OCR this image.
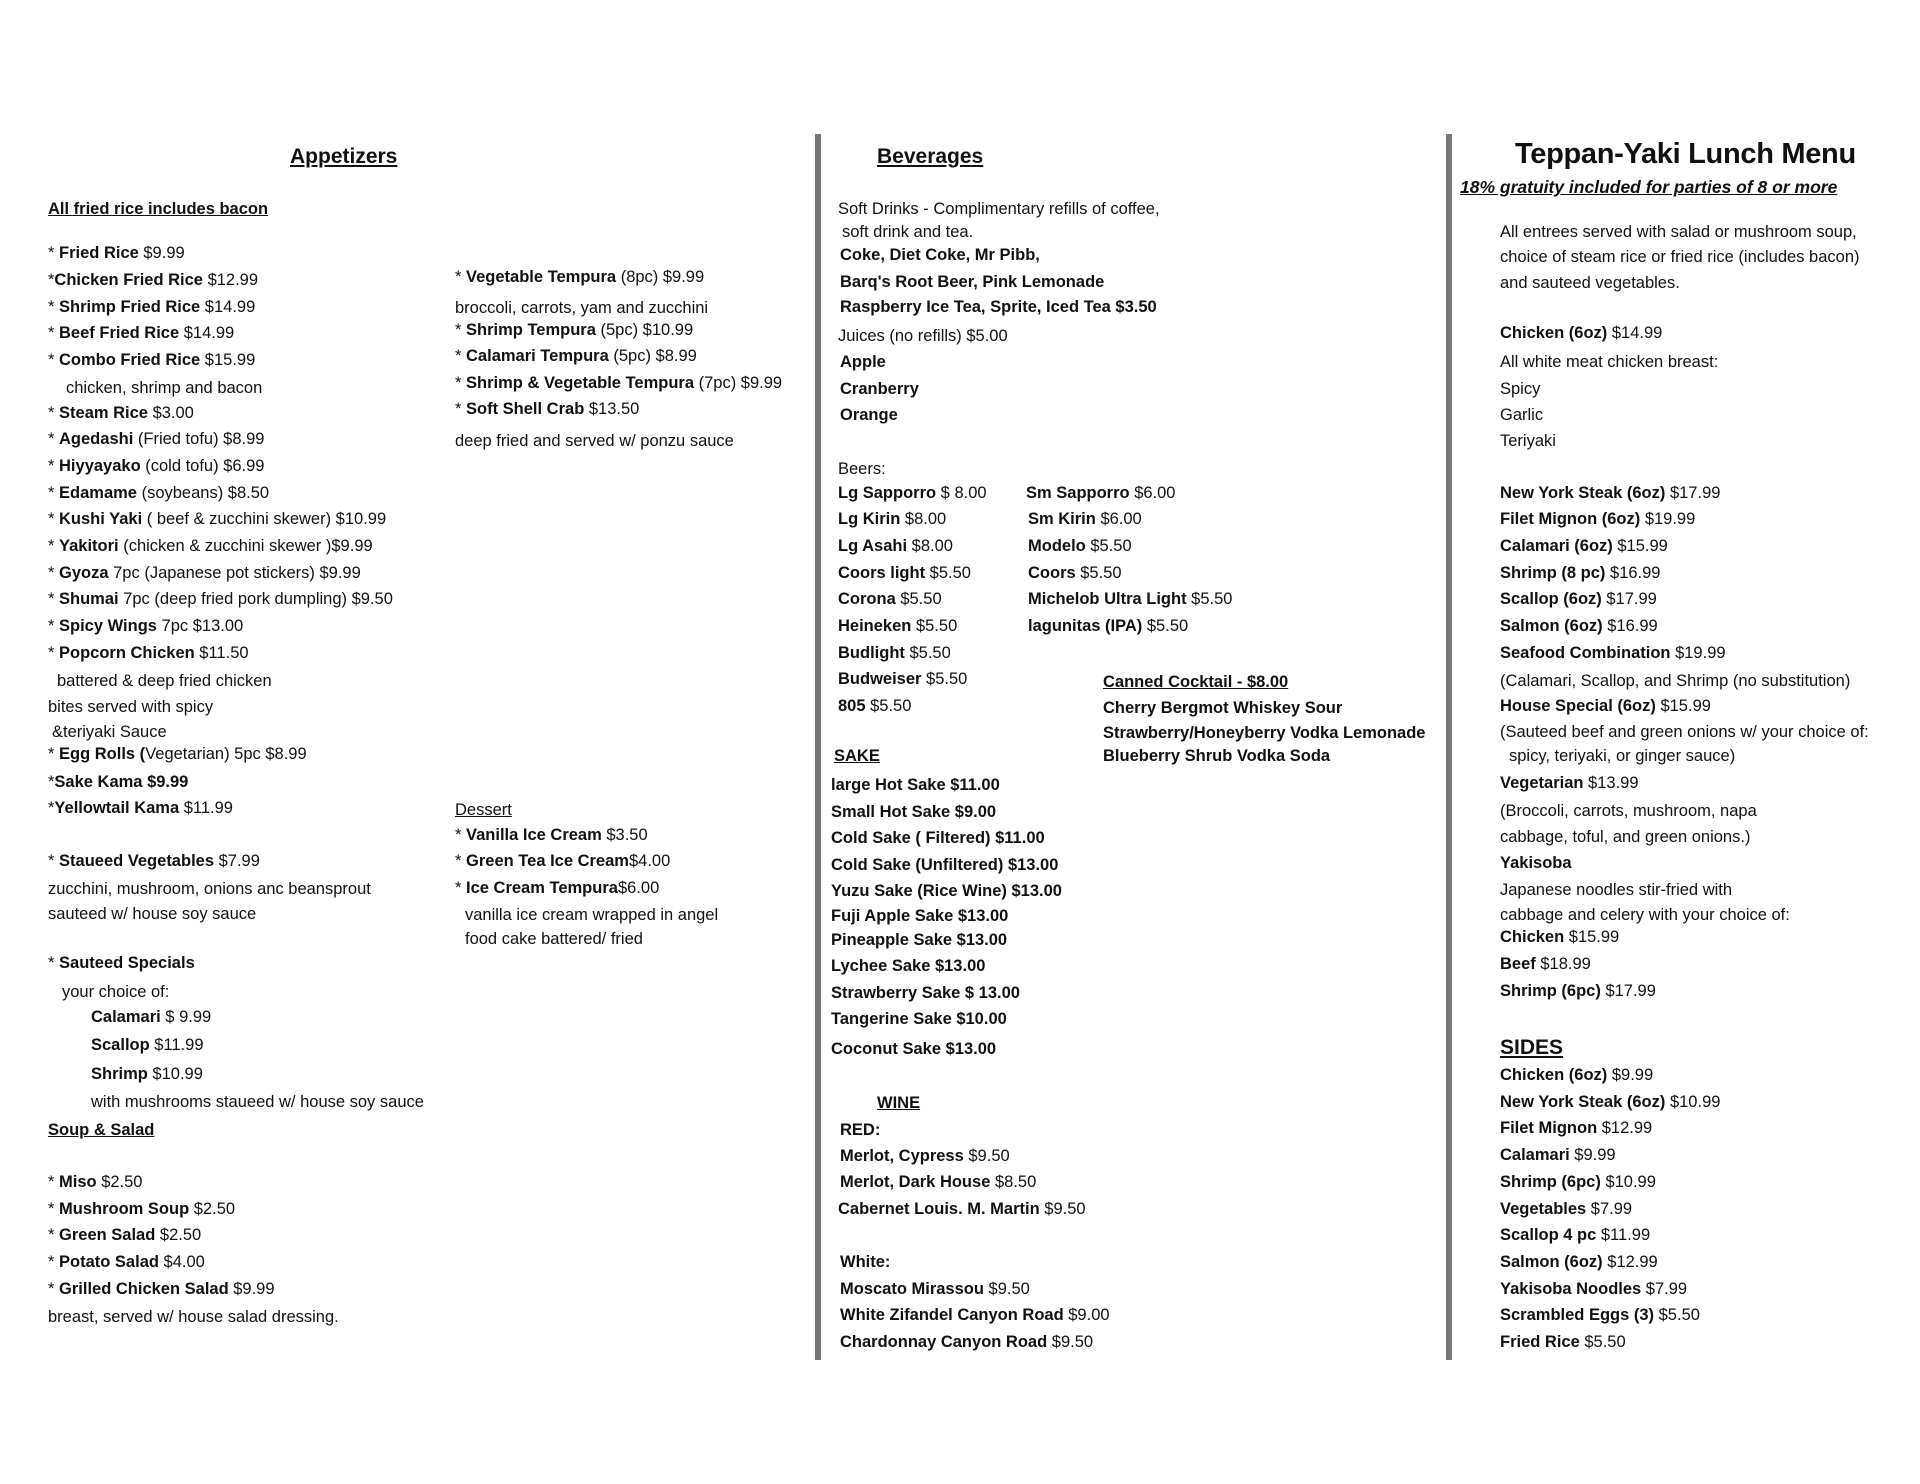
Appetizers
All fried rice includes bacon
* Fried Rice $9.99
*Chicken Fried Rice $12.99
* Shrimp Fried Rice $14.99
* Beef Fried Rice $14.99
* Combo Fried Rice $15.99
chicken, shrimp and bacon
* Steam Rice $3.00
* Agedashi (Fried tofu) $8.99
* Hiyyayako (cold tofu) $6.99
* Edamame (soybeans) $8.50
* Kushi Yaki ( beef & zucchini skewer) $10.99
* Yakitori (chicken & zucchini skewer )$9.99
* Gyoza 7pc (Japanese pot stickers) $9.99
* Shumai 7pc (deep fried pork dumpling) $9.50
* Spicy Wings 7pc $13.00
* Popcorn Chicken $11.50
battered & deep fried chicken
bites served with spicy
&teriyaki Sauce
* Egg Rolls (Vegetarian) 5pc $8.99
*Sake Kama $9.99
*Yellowtail Kama $11.99
* Staueed Vegetables $7.99
zucchini, mushroom, onions anc beansprout
sauteed w/ house soy sauce
* Sauteed Specials
your choice of:
Calamari $ 9.99
Scallop $11.99
Shrimp $10.99
with mushrooms staueed w/ house soy sauce
* Vegetable Tempura (8pc) $9.99
broccoli, carrots, yam and zucchini
* Shrimp Tempura (5pc) $10.99
* Calamari Tempura (5pc) $8.99
* Shrimp & Vegetable Tempura (7pc) $9.99
* Soft Shell Crab $13.50
deep fried and served w/ ponzu sauce
Dessert
* Vanilla Ice Cream $3.50
* Green Tea Ice Cream$4.00
* Ice Cream Tempura$6.00
vanilla ice cream wrapped in angel
food cake battered/ fried
Soup & Salad
* Miso $2.50
* Mushroom Soup $2.50
* Green Salad $2.50
* Potato Salad $4.00
* Grilled Chicken Salad $9.99
breast, served w/ house salad dressing.
Beverages
Soft Drinks - Complimentary refills of coffee,
soft drink and tea.
Coke, Diet Coke, Mr Pibb,
Barq's Root Beer, Pink Lemonade
Raspberry Ice Tea, Sprite, Iced Tea $3.50
Juices (no refills) $5.00
Apple
Cranberry
Orange
Beers:
Lg Sapporro $ 8.00
Lg Kirin $8.00
Lg Asahi $8.00
Coors light $5.50
Corona $5.50
Heineken $5.50
Budlight $5.50
Budweiser $5.50
805 $5.50
Sm Sapporro $6.00
Sm Kirin $6.00
Modelo $5.50
Coors $5.50
Michelob Ultra Light $5.50
lagunitas (IPA) $5.50
Canned Cocktail - $8.00
Cherry Bergmot Whiskey Sour
Strawberry/Honeyberry Vodka Lemonade
Blueberry Shrub Vodka Soda
SAKE
large Hot Sake $11.00
Small Hot Sake $9.00
Cold Sake ( Filtered) $11.00
Cold Sake (Unfiltered) $13.00
Yuzu Sake (Rice Wine) $13.00
Fuji Apple Sake $13.00
Pineapple Sake $13.00
Lychee Sake $13.00
Strawberry Sake $ 13.00
Tangerine Sake $10.00
Coconut Sake $13.00
WINE
RED:
Merlot, Cypress $9.50
Merlot, Dark House $8.50
Cabernet Louis. M. Martin $9.50
White:
Moscato Mirassou $9.50
White Zifandel Canyon Road $9.00
Chardonnay Canyon Road $9.50
Teppan-Yaki Lunch Menu
18% gratuity included for parties of 8 or more
All entrees served with salad or mushroom soup,
choice of steam rice or fried rice (includes bacon)
and sauteed vegetables.
Chicken (6oz) $14.99
All white meat chicken breast:
Spicy
Garlic
Teriyaki
New York Steak (6oz) $17.99
Filet Mignon (6oz) $19.99
Calamari (6oz) $15.99
Shrimp (8 pc) $16.99
Scallop (6oz) $17.99
Salmon (6oz) $16.99
Seafood Combination $19.99
(Calamari, Scallop, and Shrimp (no substitution)
House Special (6oz) $15.99
(Sauteed beef and green onions w/ your choice of:
spicy, teriyaki, or ginger sauce)
Vegetarian $13.99
(Broccoli, carrots, mushroom, napa
cabbage, toful, and green onions.)
Yakisoba
Japanese noodles stir-fried with
cabbage and celery with your choice of:
Chicken $15.99
Beef $18.99
Shrimp (6pc) $17.99
SIDES
Chicken (6oz) $9.99
New York Steak (6oz) $10.99
Filet Mignon $12.99
Calamari $9.99
Shrimp (6pc) $10.99
Vegetables $7.99
Scallop 4 pc $11.99
Salmon (6oz) $12.99
Yakisoba Noodles $7.99
Scrambled Eggs (3) $5.50
Fried Rice $5.50
